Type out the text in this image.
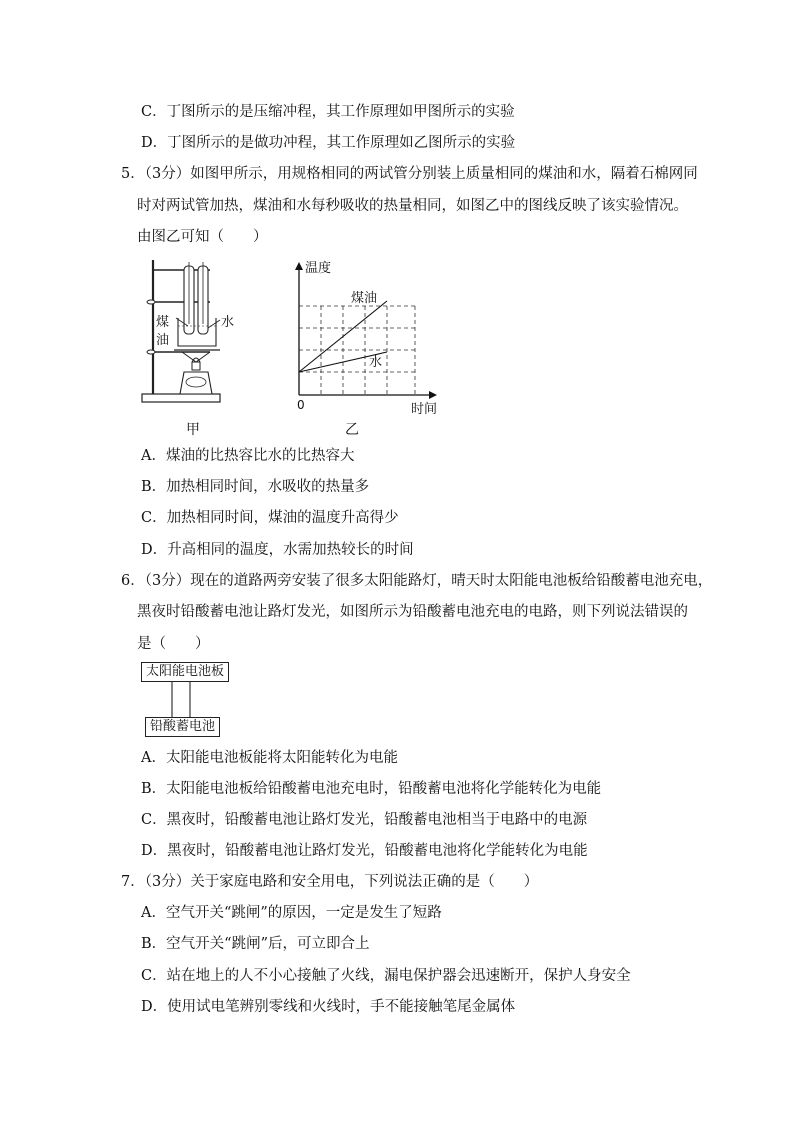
C．丁图所示的是压缩冲程，其工作原理如甲图所示的实验
D．丁图所示的是做功冲程，其工作原理如乙图所示的实验
5．（3分）如图甲所示，用规格相同的两试管分别装上质量相同的煤油和水，隔着石棉网同
时对两试管加热，煤油和水每秒吸收的热量相同，如图乙中的图线反映了该实验情况。
由图乙可知（　　）
煤
油
水
甲
温度
时间
0
煤油
水
乙
A．煤油的比热容比水的比热容大
B．加热相同时间，水吸收的热量多
C．加热相同时间，煤油的温度升高得少
D．升高相同的温度，水需加热较长的时间
6．（3分）现在的道路两旁安装了很多太阳能路灯，晴天时太阳能电池板给铅酸蓄电池充电，
黑夜时铅酸蓄电池让路灯发光，如图所示为铅酸蓄电池充电的电路，则下列说法错误的
是（　　）
太阳能电池板
铅酸蓄电池
A．太阳能电池板能将太阳能转化为电能
B．太阳能电池板给铅酸蓄电池充电时，铅酸蓄电池将化学能转化为电能
C．黑夜时，铅酸蓄电池让路灯发光，铅酸蓄电池相当于电路中的电源
D．黑夜时，铅酸蓄电池让路灯发光，铅酸蓄电池将化学能转化为电能
7．（3分）关于家庭电路和安全用电，下列说法正确的是（　　）
A．空气开关“跳闸”的原因，一定是发生了短路
B．空气开关“跳闸”后，可立即合上
C．站在地上的人不小心接触了火线，漏电保护器会迅速断开，保护人身安全
D．使用试电笔辨别零线和火线时，手不能接触笔尾金属体
